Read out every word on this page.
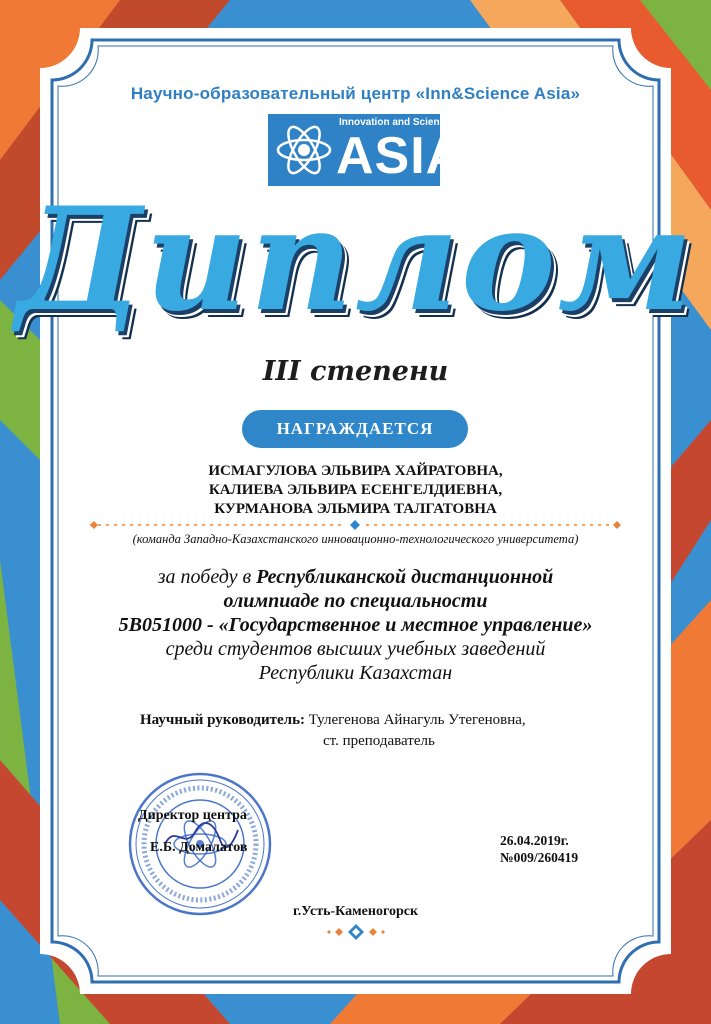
Научно-образовательный центр «Inn&Science Asia»
Innovation and Science
ASIA
Диплом
III степени
НАГРАЖДАЕТСЯ
ИСМАГУЛОВА ЭЛЬВИРА ХАЙРАТОВНА,
КАЛИЕВА ЭЛЬВИРА ЕСЕНГЕЛДИЕВНА,
КУРМАНОВА ЭЛЬМИРА ТАЛГАТОВНА
(команда Западно-Казахстанского инновационно-технологического университета)
за победу в Республиканской дистанционной
олимпиаде по специальности
5В051000 - «Государственное и местное управление»
среди студентов высших учебных заведений
Республики Казахстан
Научный руководитель: Тулегенова Айнагуль Утегеновна,
ст. преподаватель
Директор центра
Е.Б. Домалатов	26.04.2019г.
№009/260419
г.Усть-Каменогорск
